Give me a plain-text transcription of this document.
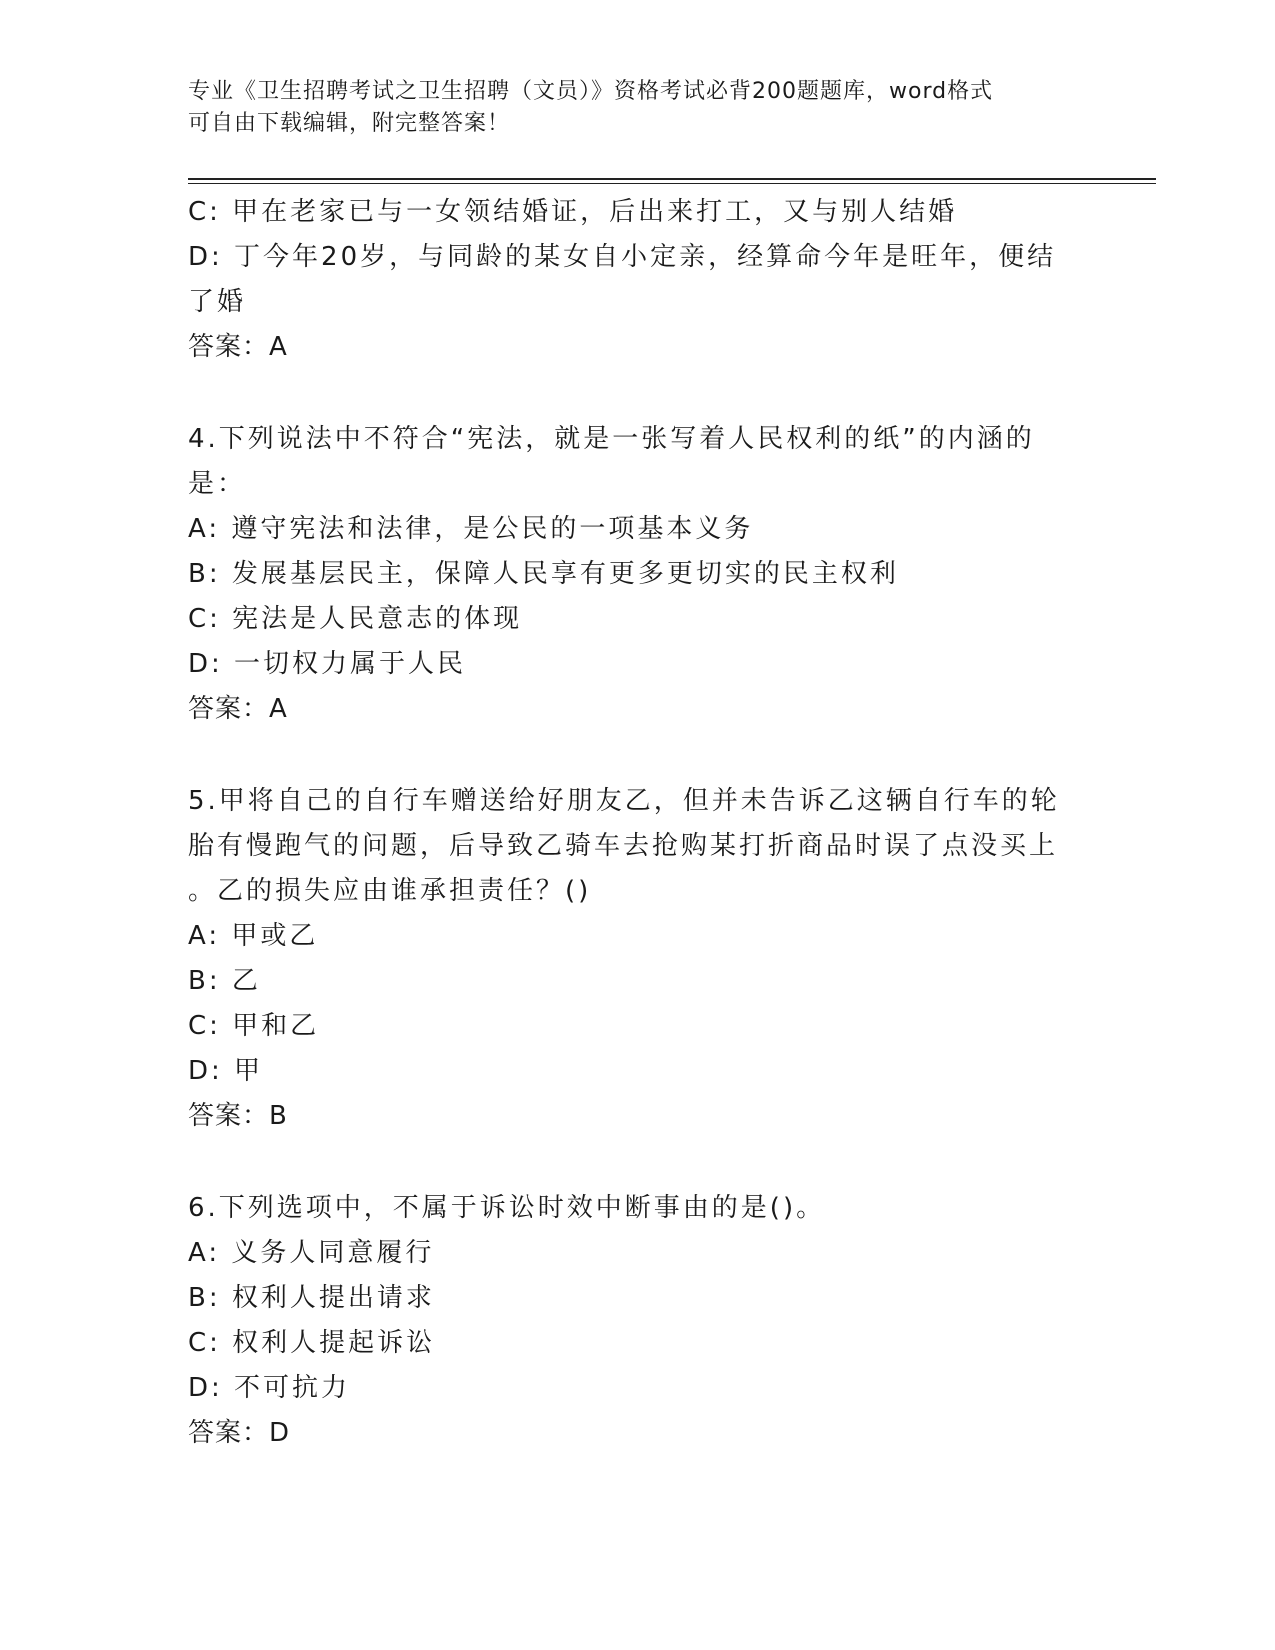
专业《卫生招聘考试之卫生招聘（文员）》资格考试必背200题题库，word格式
可自由下载编辑，附完整答案！
C: 甲在老家已与一女领结婚证，后出来打工，又与别人结婚
D: 丁今年20岁，与同龄的某女自小定亲，经算命今年是旺年，便结
了婚
答案：A
4.下列说法中不符合“宪法，就是一张写着人民权利的纸”的内涵的
是：
A: 遵守宪法和法律，是公民的一项基本义务
B: 发展基层民主，保障人民享有更多更切实的民主权利
C: 宪法是人民意志的体现
D: 一切权力属于人民
答案：A
5.甲将自己的自行车赠送给好朋友乙，但并未告诉乙这辆自行车的轮
胎有慢跑气的问题，后导致乙骑车去抢购某打折商品时误了点没买上
。乙的损失应由谁承担责任？()
A: 甲或乙
B: 乙
C: 甲和乙
D: 甲
答案：B
6.下列选项中，不属于诉讼时效中断事由的是()。
A: 义务人同意履行
B: 权利人提出请求
C: 权利人提起诉讼
D: 不可抗力
答案：D
